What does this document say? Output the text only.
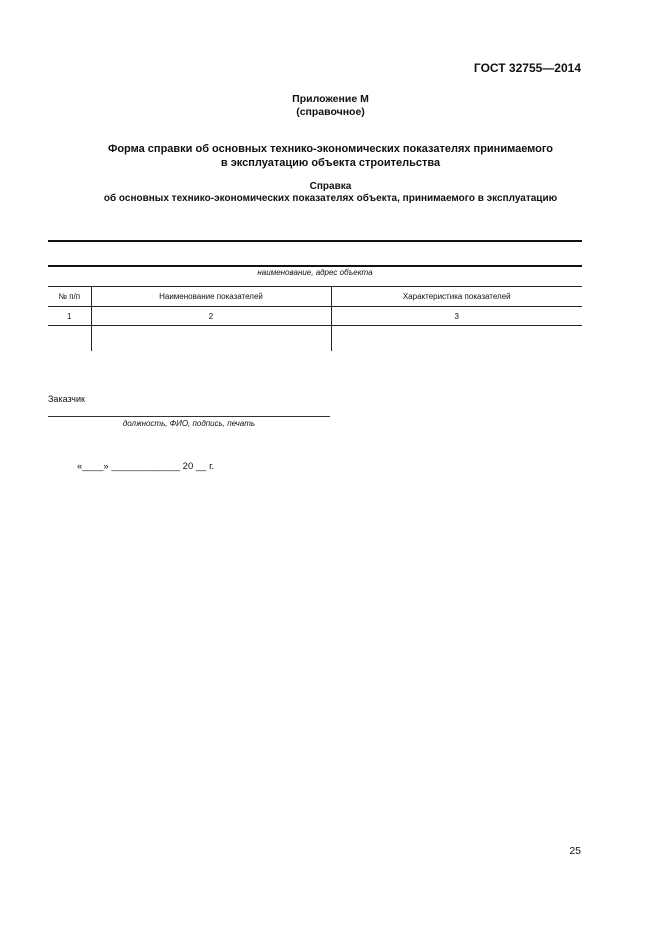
ГОСТ 32755—2014
Приложение М
(справочное)
Форма справки об основных технико-экономических показателях принимаемого
в эксплуатацию объекта строительства
Справка
об основных технико-экономических показателях объекта, принимаемого в эксплуатацию
наименование, адрес объекта
№ п/п	Наименование показателей	Характеристика показателей
1	2	3

Заказчик
должность, ФИО, подпись, печать
«____» _____________ 20 __ г.
25
